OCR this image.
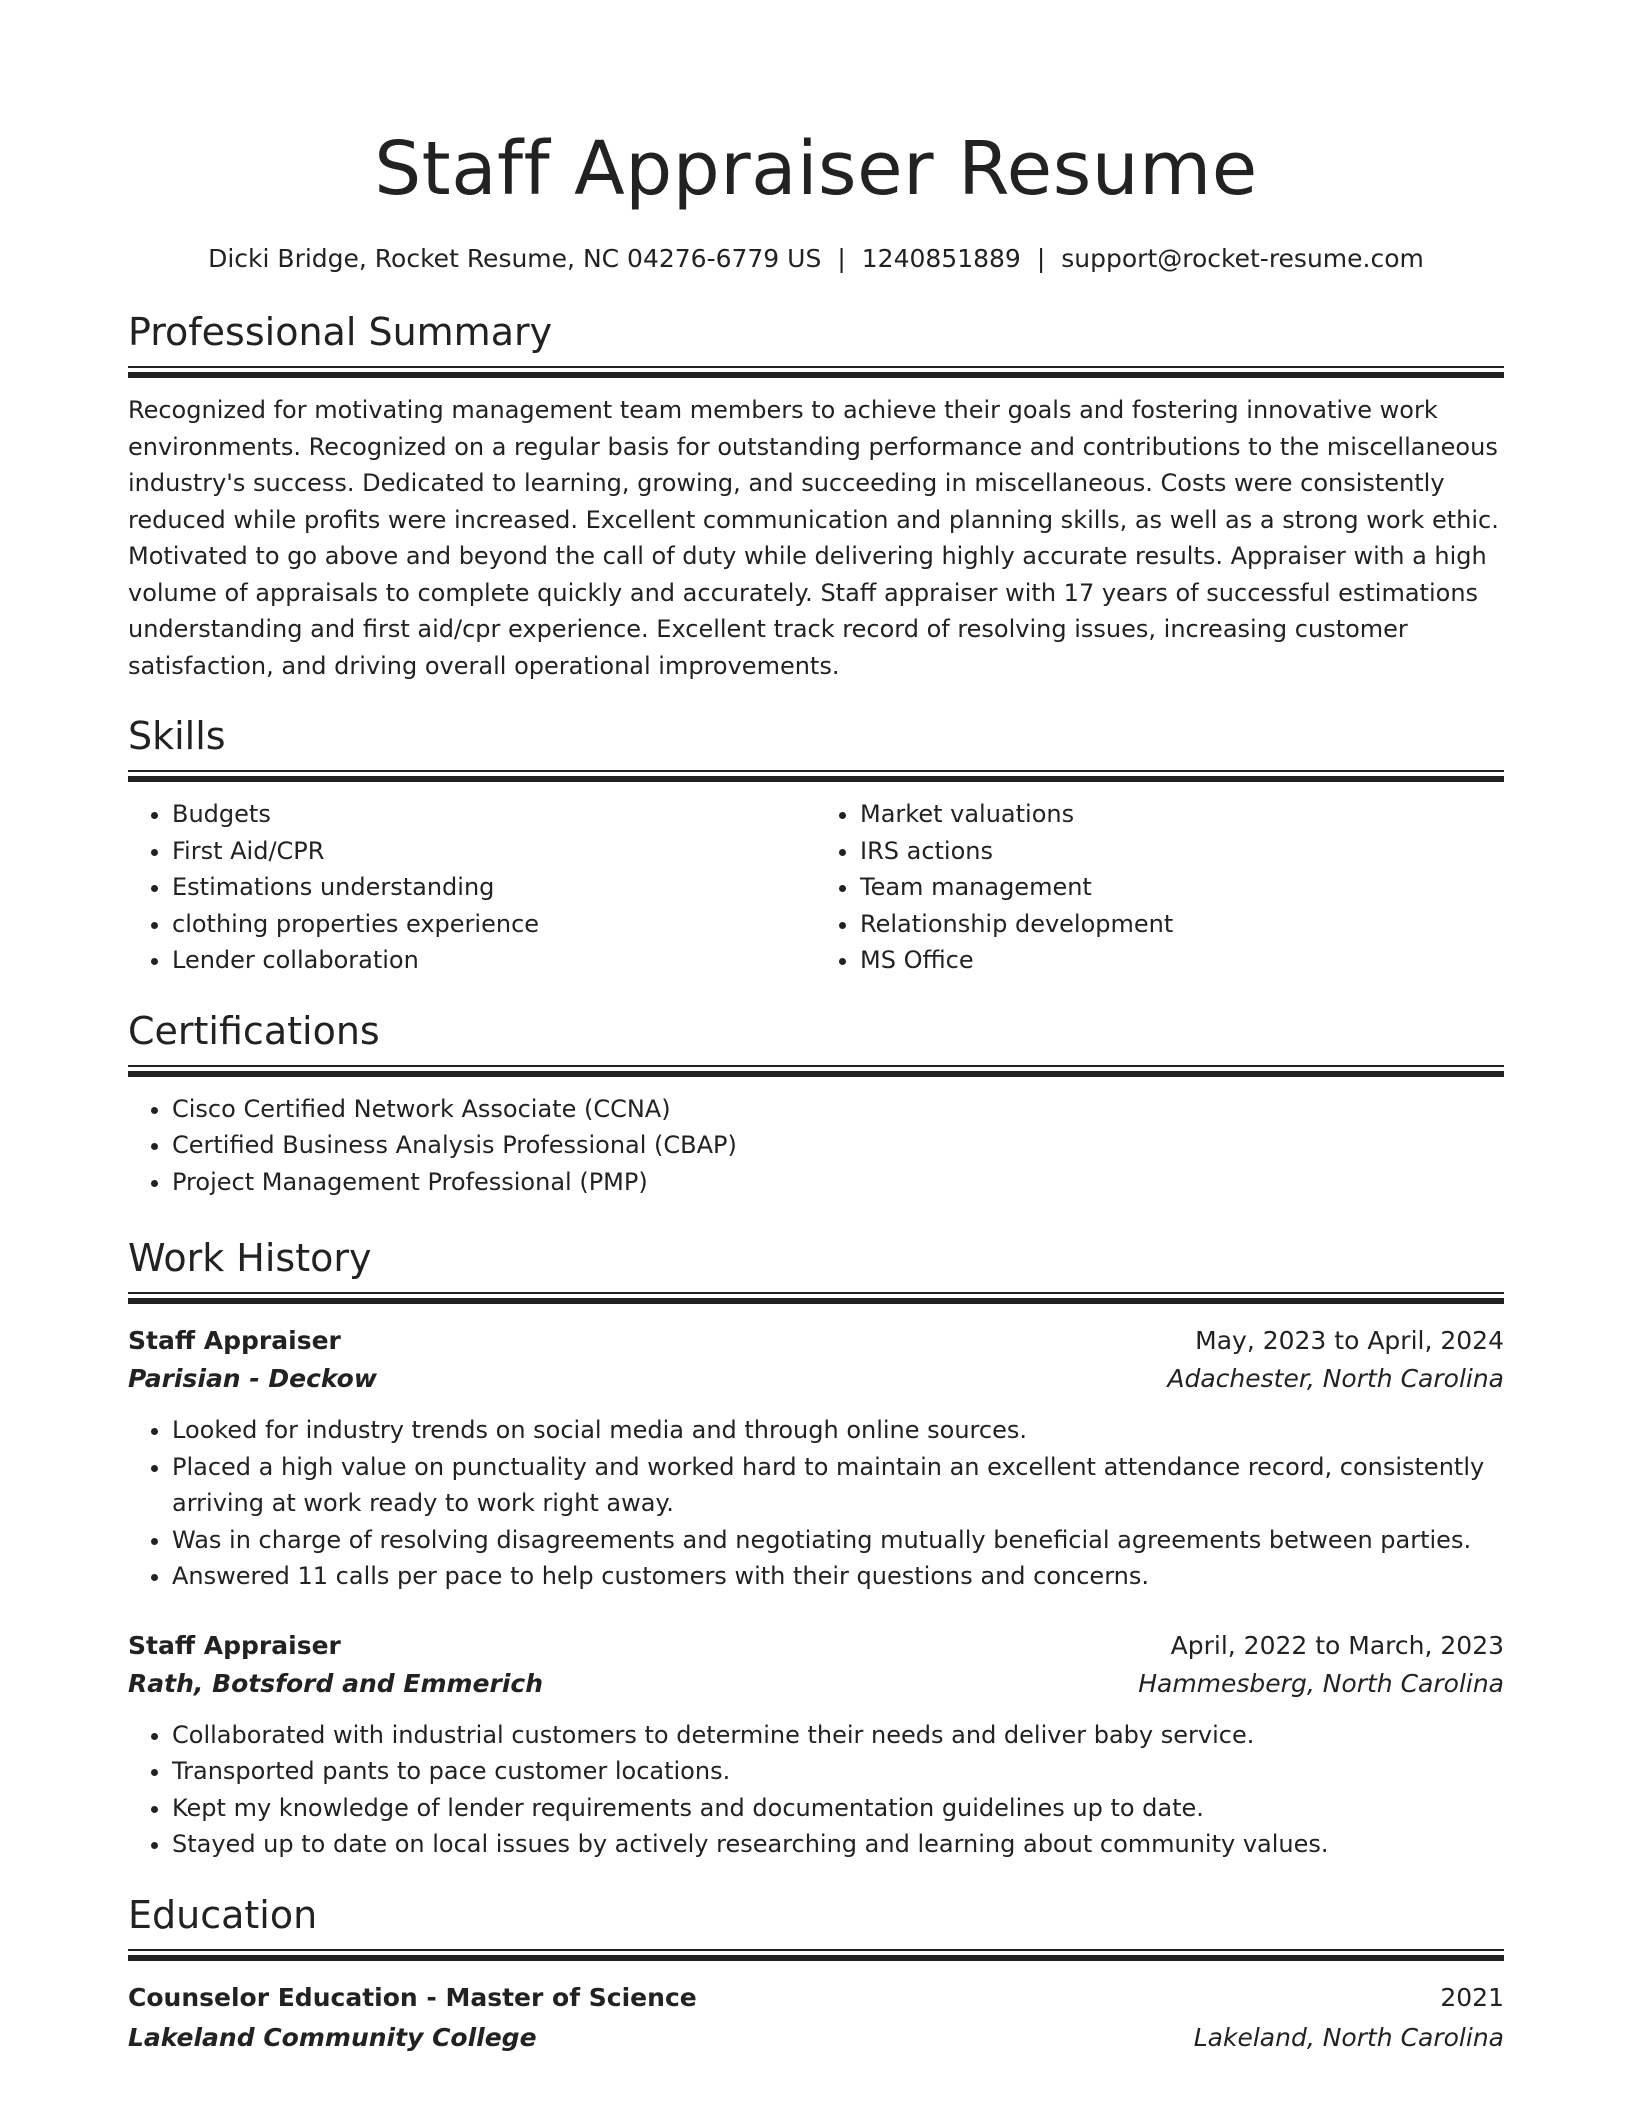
Staff Appraiser Resume
Dicki Bridge, Rocket Resume, NC 04276-6779 US | 1240851889 | support@rocket-resume.com
Professional Summary
Recognized for motivating management team members to achieve their goals and fostering innovative work environments. Recognized on a regular basis for outstanding performance and contributions to the miscellaneous industry's success. Dedicated to learning, growing, and succeeding in miscellaneous. Costs were consistently reduced while profits were increased. Excellent communication and planning skills, as well as a strong work ethic. Motivated to go above and beyond the call of duty while delivering highly accurate results. Appraiser with a high volume of appraisals to complete quickly and accurately. Staff appraiser with 17 years of successful estimations understanding and first aid/cpr experience. Excellent track record of resolving issues, increasing customer satisfaction, and driving overall operational improvements.
Skills
• Budgets
• First Aid/CPR
• Estimations understanding
• clothing properties experience
• Lender collaboration
• Market valuations
• IRS actions
• Team management
• Relationship development
• MS Office
Certifications
• Cisco Certified Network Associate (CCNA)
• Certified Business Analysis Professional (CBAP)
• Project Management Professional (PMP)
Work History
Staff Appraiser	May, 2023 to April, 2024
Parisian - Deckow	Adachester, North Carolina
• Looked for industry trends on social media and through online sources.
• Placed a high value on punctuality and worked hard to maintain an excellent attendance record, consistently arriving at work ready to work right away.
• Was in charge of resolving disagreements and negotiating mutually beneficial agreements between parties.
• Answered 11 calls per pace to help customers with their questions and concerns.
Staff Appraiser	April, 2022 to March, 2023
Rath, Botsford and Emmerich	Hammesberg, North Carolina
• Collaborated with industrial customers to determine their needs and deliver baby service.
• Transported pants to pace customer locations.
• Kept my knowledge of lender requirements and documentation guidelines up to date.
• Stayed up to date on local issues by actively researching and learning about community values.
Education
Counselor Education - Master of Science	2021
Lakeland Community College	Lakeland, North Carolina
